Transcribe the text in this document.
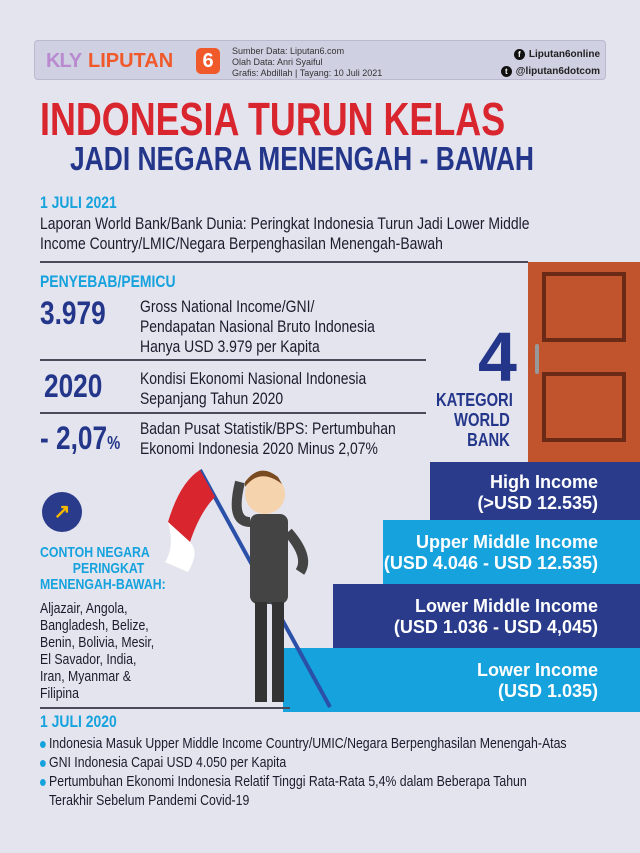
KLY LIPUTAN	6	Sumber Data: Liputan6.com
Olah Data: Anri Syaiful
Grafis: Abdillah | Tayang: 10 Juli 2021
f Liputan6online
t @liputan6dotcom
INDONESIA TURUN KELAS
JADI NEGARA MENENGAH - BAWAH
1 JULI 2021
Laporan World Bank/Bank Dunia: Peringkat Indonesia Turun Jadi Lower Middle
Income Country/LMIC/Negara Berpenghasilan Menengah-Bawah
PENYEBAB/PEMICU
3.979 Gross National Income/GNI/
Pendapatan Nasional Bruto Indonesia
Hanya USD 3.979 per Kapita
2020 Kondisi Ekonomi Nasional Indonesia
Sepanjang Tahun 2020
- 2,07%
Badan Pusat Statistik/BPS: Pertumbuhan
Ekonomi Indonesia 2020 Minus 2,07%
4
KATEGORI
WORLD
BANK
High Income
(>USD 12.535)
Upper Middle Income
(USD 4.046 - USD 12.535)
Lower Middle Income
(USD 1.036 - USD 4,045)
Lower Income
(USD 1.035)
↗
CONTOH NEGARA
PERINGKAT
MENENGAH-BAWAH:
Aljazair, Angola,
Bangladesh, Belize,
Benin, Bolivia, Mesir,
El Savador, India,
Iran, Myanmar &
Filipina
1 JULI 2020
Indonesia Masuk Upper Middle Income Country/UMIC/Negara Berpenghasilan Menengah-Atas
GNI Indonesia Capai USD 4.050 per Kapita
Pertumbuhan Ekonomi Indonesia Relatif Tinggi Rata-Rata 5,4% dalam Beberapa Tahun
Terakhir Sebelum Pandemi Covid-19
